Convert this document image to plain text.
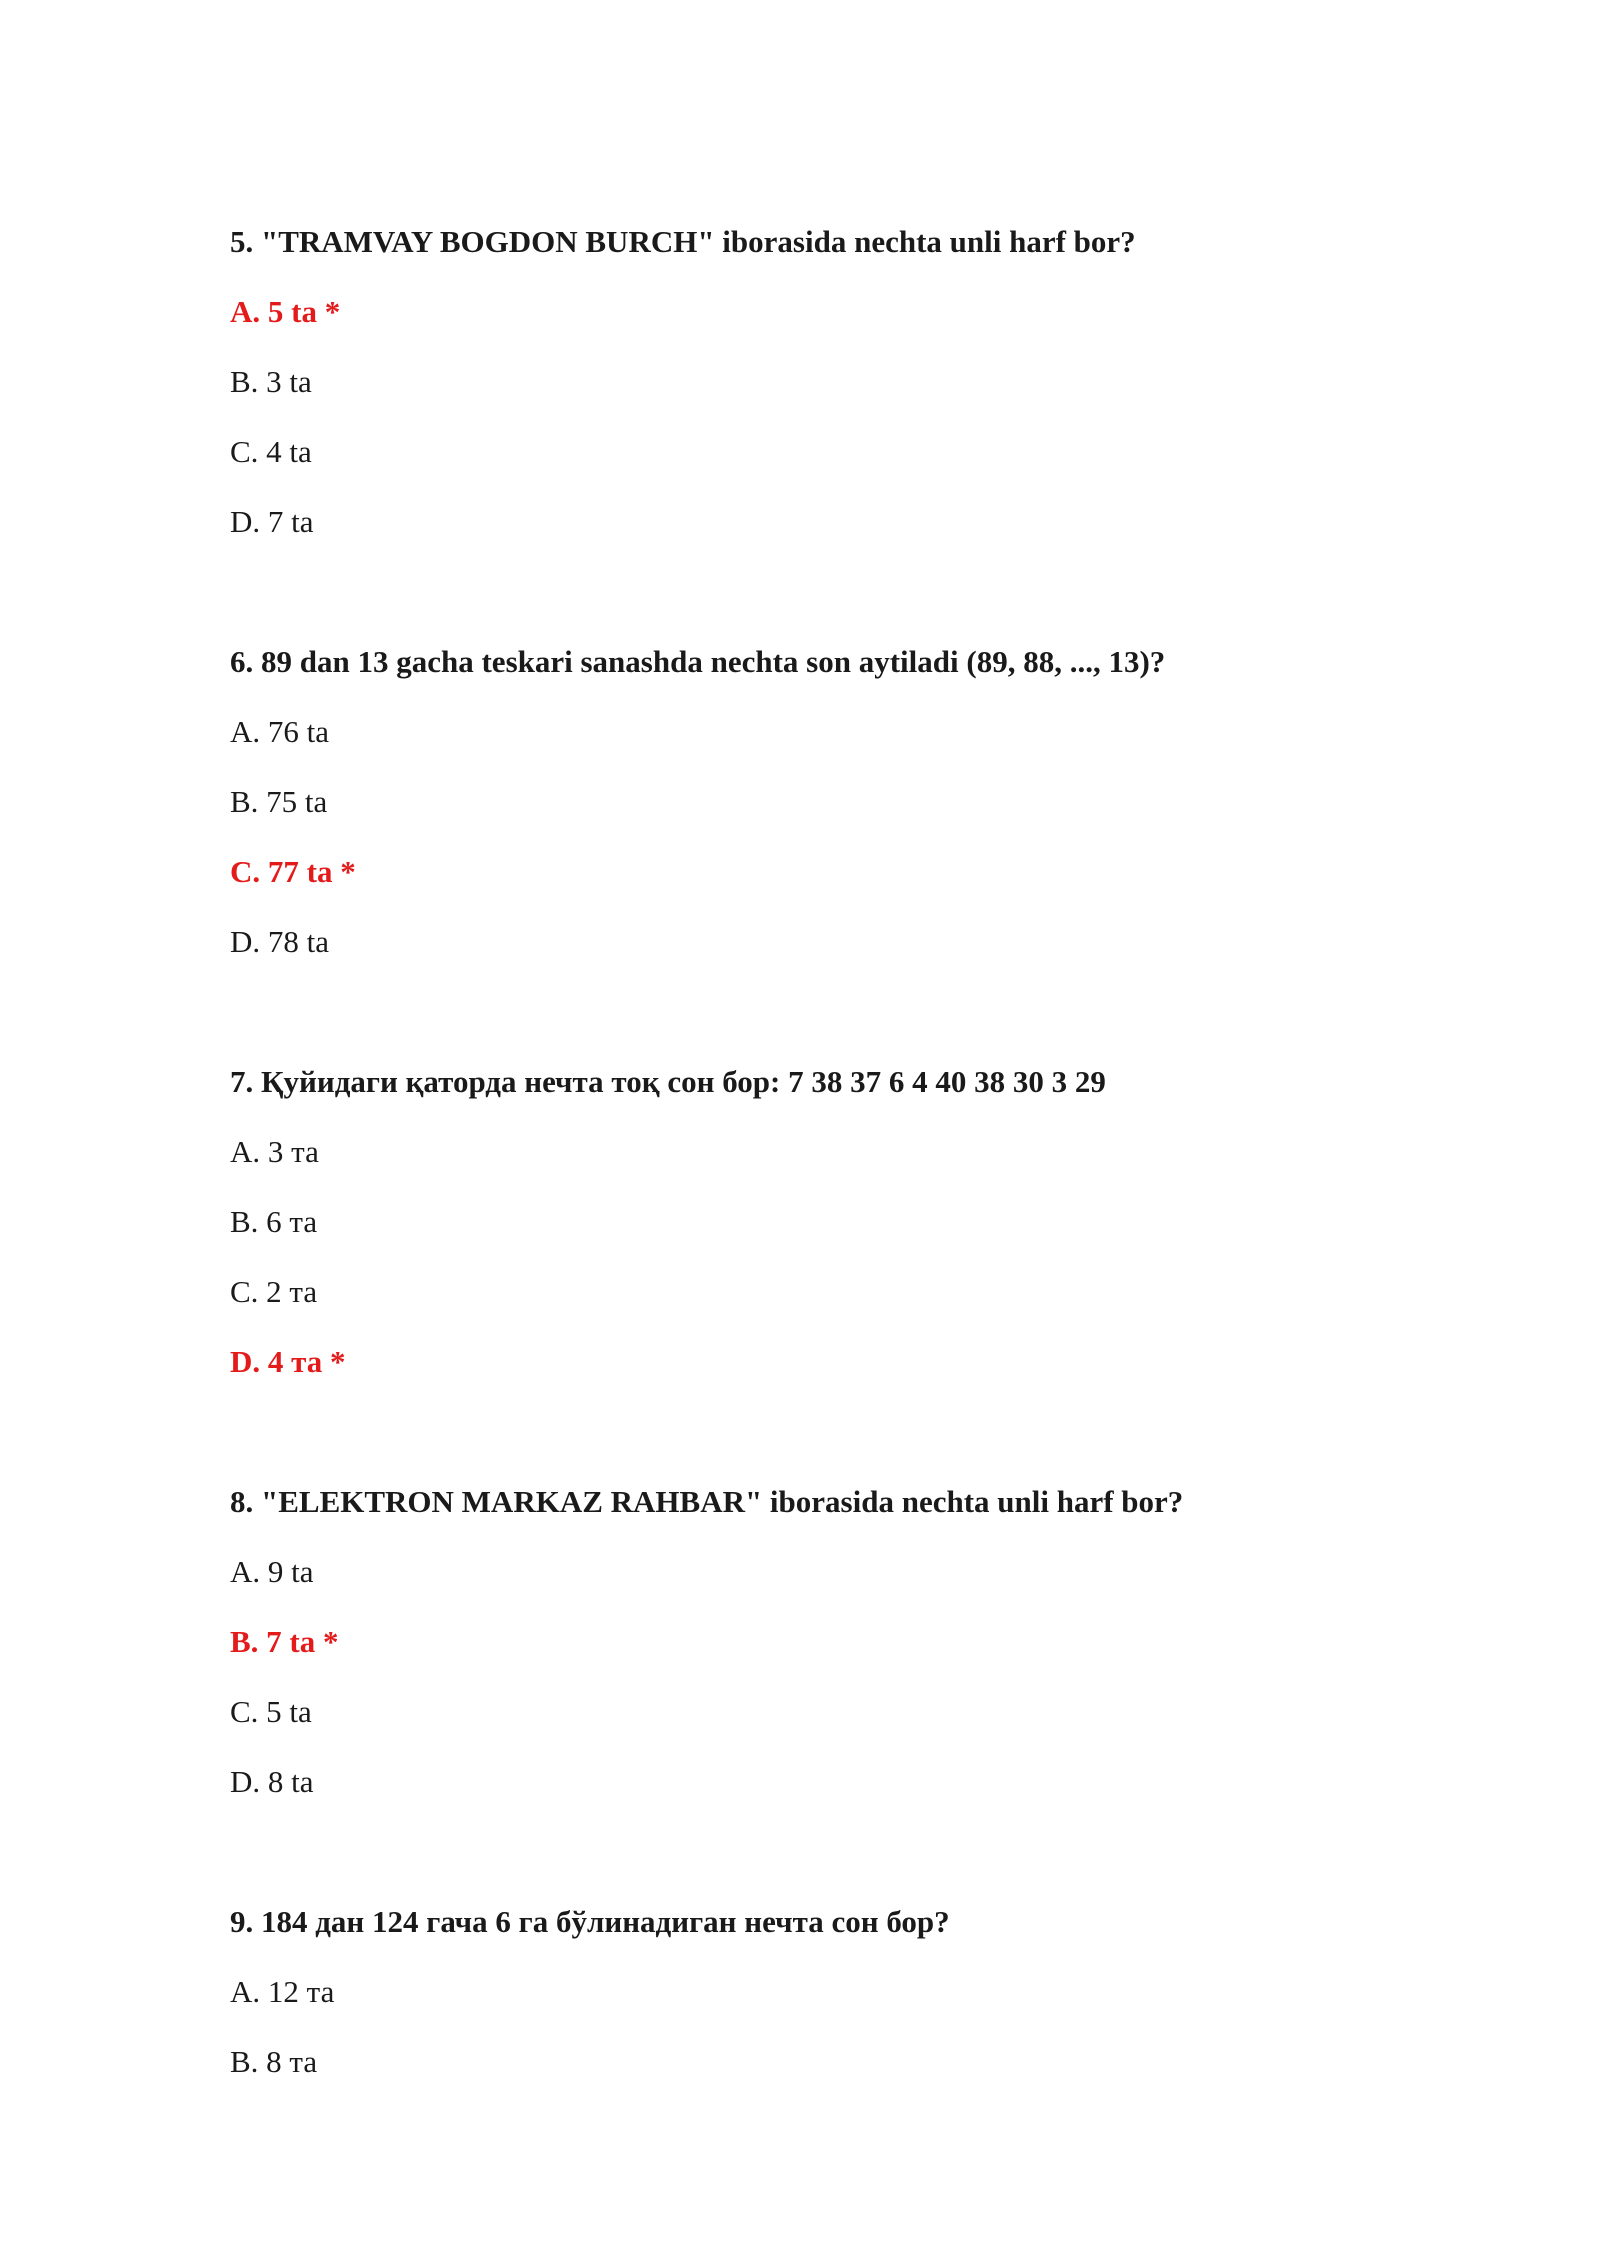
5. "TRAMVAY BOGDON BURCH" iborasida nechta unli harf bor?
A. 5 ta *
B. 3 ta
C. 4 ta
D. 7 ta
6. 89 dan 13 gacha teskari sanashda nechta son aytiladi (89, 88, ..., 13)?
A. 76 ta
B. 75 ta
C. 77 ta *
D. 78 ta
7. Қуйидаги қаторда нечта тоқ сон бор: 7 38 37 6 4 40 38 30 3 29
A. 3 та
B. 6 та
C. 2 та
D. 4 та *
8. "ELEKTRON MARKAZ RAHBAR" iborasida nechta unli harf bor?
A. 9 ta
B. 7 ta *
C. 5 ta
D. 8 ta
9. 184 дан 124 гача 6 га бўлинадиган нечта сон бор?
A. 12 та
B. 8 та
